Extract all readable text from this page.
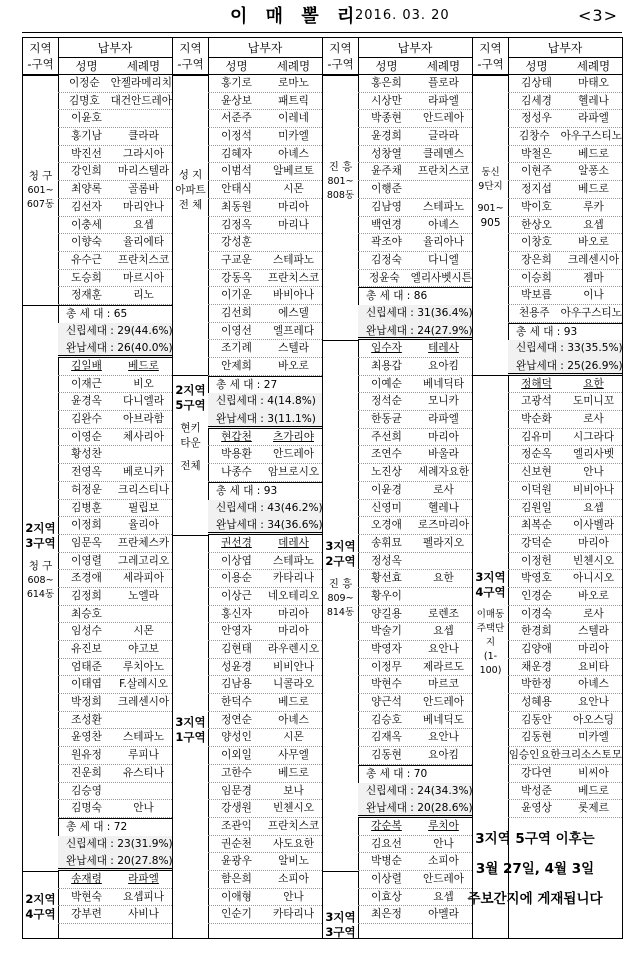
이 매 뽈 리
2016. 03. 20	<3>
지역
-구역
청 구
601~
607동
2지역
3구역
청 구
608~
614동
2지역
4구역
납부자
성명	세례명
이정순	안젤라메리치
김명호	대건안드레아
이윤호
홍기남	클라라
박진선	그라시아
강인희	마리스텔라
최양록	골롬바
김선자	마리안나
이충세	요셉
이향숙	율리에타
유수근	프란치스코
도승희	마르시아
정재훈	리노
총 세 대 : 65
신립세대 : 29(44.6%)
완납세대 : 26(40.0%)
김일배	베드로
이재근	비오
윤경옥	다니엘라
김완수	아브라함
이영순	체사리아
황성찬
전영옥	베로니카
허정운	크리스티나
김병훈	필립보
이정희	율리아
임문옥	프란체스카
이영렬	그레고리오
조경애	세라피아
김정희	노엘라
최승호
임성수	시몬
유진보	야고보
엄태준	루치아노
이태엽	F.살레시오
박정희	크레센시아
조성환
윤영찬	스테파노
원유정	루피나
진운희	유스티나
김승영
김명숙	안나
총 세 대 : 72
신립세대 : 23(31.9%)
완납세대 : 20(27.8%)
송재령	라파엘
박현숙	요셉피나
강부련	사비나
지역
-구역
성 지
아파트
전 체
2지역
5구역
현키
타운
전체
3지역
1구역
납부자
성명	세례명
홍기로	로마노
윤상보	패트릭
서준주	이레네
이정석	미카엘
김혜자	아녜스
이범석	알베르토
안태식	시몬
최동원	마리아
김정옥	마리나
강성훈
구교운	스테파노
강동옥	프란치스코
이기운	바비아나
김선희	에스델
이영선	엘프레다
조기례	스텔라
안제희	바오로
총 세 대 : 27
신립세대 : 4(14.8%)
완납세대 : 3(11.1%)
현갑천	츠가리야
박용환	안드레아
나종수	암브로시오
총 세 대 : 93
신립세대 : 43(46.2%)
완납세대 : 34(36.6%)
권선경	데레사
이상엽	스테파노
이용순	카타리나
이상근	네오테리오
홍신자	마리아
안영자	마리아
김현태	라우렌시오
성윤경	비비안나
김남용	니콜라오
한덕수	베드로
정연순	아녜스
양성인	시몬
이외일	사무엘
고한수	베드로
임문경	보나
강생원	빈첸시오
조관익	프란치스코
권순천	사도요한
윤광우	알비노
함은희	소피아
이애형	안나
인순기	카타리나
지역
-구역
진 흥
801~
808동
3지역
2구역
진 흥
809~
814동
3지역
3구역
납부자
성명	세례명
홍은희	플로라
시상만	라파엘
박종현	안드레아
윤경희	글라라
성창열	클레멘스
윤주채	프란치스코
이행준
김남영	스테파노
백연경	아녜스
곽조야	율리아나
김정숙	다니엘
정윤숙	엘리사벳시튼
총 세 대 : 86
신립세대 : 31(36.4%)
완납세대 : 24(27.9%)
임수자	테레사
최용갑	요아킴
이예순	베네딕타
정석순	모니카
한동균	라파엘
주선희	마리아
조연수	바울라
노진상	세례자요한
이윤경	로사
신영미	헬레나
오경애	로즈마리아
송휘묘	펠라지오
정성옥
황선효	요한
황우이
양길용	로렌조
박술기	요셉
박영자	요안나
이정무	제라르도
박현수	마르코
양근석	안드레아
김승호	베네딕도
김재옥	요안나
김동현	요아킴
총 세 대 : 70
신립세대 : 24(34.3%)
완납세대 : 20(28.6%)
강순복	루치아
김요선	안나
박병순	소피아
이상렬	안드레아
이효상	요셉
최은정	아멜라
지역
-구역
동신
9단지
901~
905
3지역
4구역
이매동
주택단지
(1-100)
납부자
성명	세례명
김상태	마태오
김세경	헬레나
정성우	라파엘
김창수	아우구스티노
박철은	베드로
이현주	알퐁소
정지섭	베드로
박이호	루카
한상오	요셉
이창호	바오로
장은희	크레센시아
이승희	젬마
박보름	이나
천용주	아우구스티노
총 세 대 : 93
신립세대 : 33(35.5%)
완납세대 : 25(26.9%)
정해덕	요한
고광석	도미니꼬
박순화	로사
김유미	시그라다
정순옥	엘리사벳
신보현	안나
이덕원	비비아나
김원일	요셉
최복순	이사벨라
강덕순	마리아
이정헌	빈첸시오
박영호	아니시오
인경순	바오로
이경숙	로사
한경희	스텔라
김양애	마리아
채운경	요비타
박한정	아녜스
성혜용	요안나
김동안	아오스딩
김동현	미카엘
임승인 요한크리소스토모
강다연	비씨아
박성준	베드로
윤영상	롯제르
3지역 5구역 이후는
3월 27일, 4월 3일
주보간지에 게재됩니다
